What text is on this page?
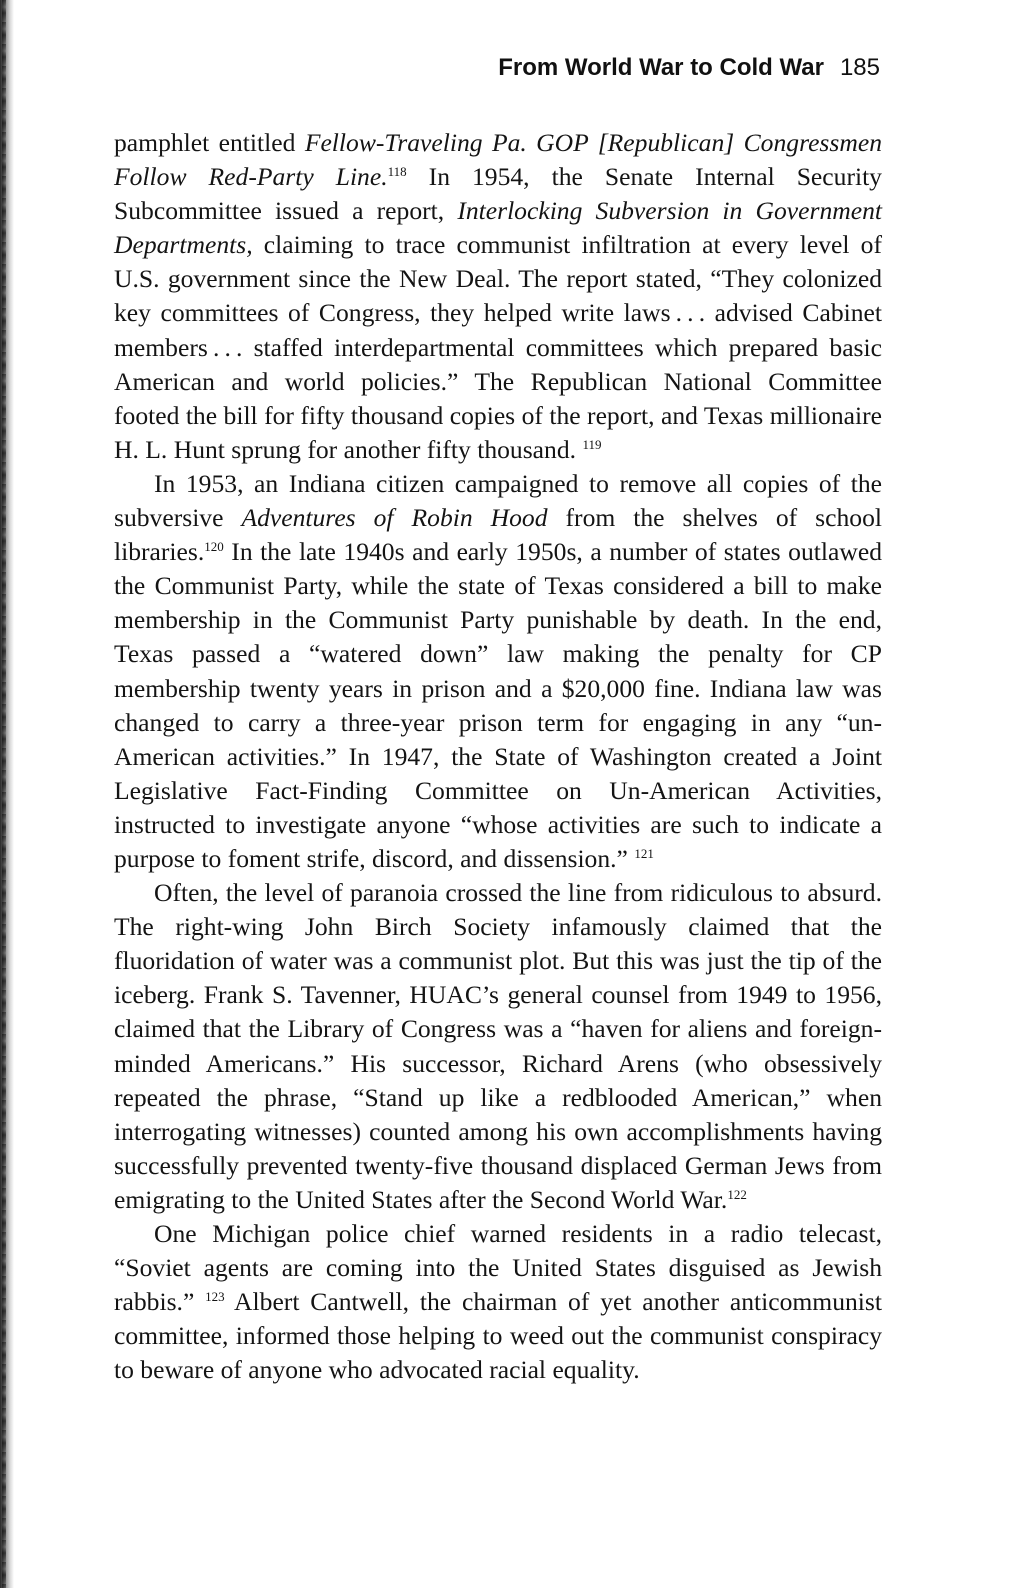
From World War to Cold War 185

pamphlet entitled Fellow-Traveling Pa. GOP [Republican] Congressmen Follow Red-Party Line.$^{118}$ In 1954, the Senate Internal Security Subcommittee issued a report, Interlocking Subversion in Government Departments, claiming to trace communist infiltration at every level of U.S. government since the New Deal. The report stated, “They colonized key committees of Congress, they helped write laws . . . advised Cabinet members . . . staffed interdepartmental committees which prepared basic American and world policies.” The Republican National Committee footed the bill for fifty thousand copies of the report, and Texas millionaire H. L. Hunt sprung for another fifty thousand. $^{119}$

In 1953, an Indiana citizen campaigned to remove all copies of the subversive Adventures of Robin Hood from the shelves of school libraries.$^{120}$ In the late 1940s and early 1950s, a number of states outlawed the Communist Party, while the state of Texas considered a bill to make membership in the Communist Party punishable by death. In the end, Texas passed a “watered down” law making the penalty for CP membership twenty years in prison and a $20,000 fine. Indiana law was changed to carry a three-year prison term for engaging in any “un-American activities.” In 1947, the State of Washington created a Joint Legislative Fact-Finding Committee on Un-American Activities, instructed to investigate anyone “whose activities are such to indicate a purpose to foment strife, discord, and dissension.” $^{121}$

Often, the level of paranoia crossed the line from ridiculous to absurd. The right-wing John Birch Society infamously claimed that the fluoridation of water was a communist plot. But this was just the tip of the iceberg. Frank S. Tavenner, HUAC’s general counsel from 1949 to 1956, claimed that the Library of Congress was a “haven for aliens and foreign-minded Americans.” His successor, Richard Arens (who obsessively repeated the phrase, “Stand up like a redblooded American,” when interrogating witnesses) counted among his own accomplishments having successfully prevented twenty-five thousand displaced German Jews from emigrating to the United States after the Second World War.$^{122}$

One Michigan police chief warned residents in a radio telecast, “Soviet agents are coming into the United States disguised as Jewish rabbis.” $^{123}$ Albert Cantwell, the chairman of yet another anticommunist committee, informed those helping to weed out the communist conspiracy to beware of anyone who advocated racial equality.
